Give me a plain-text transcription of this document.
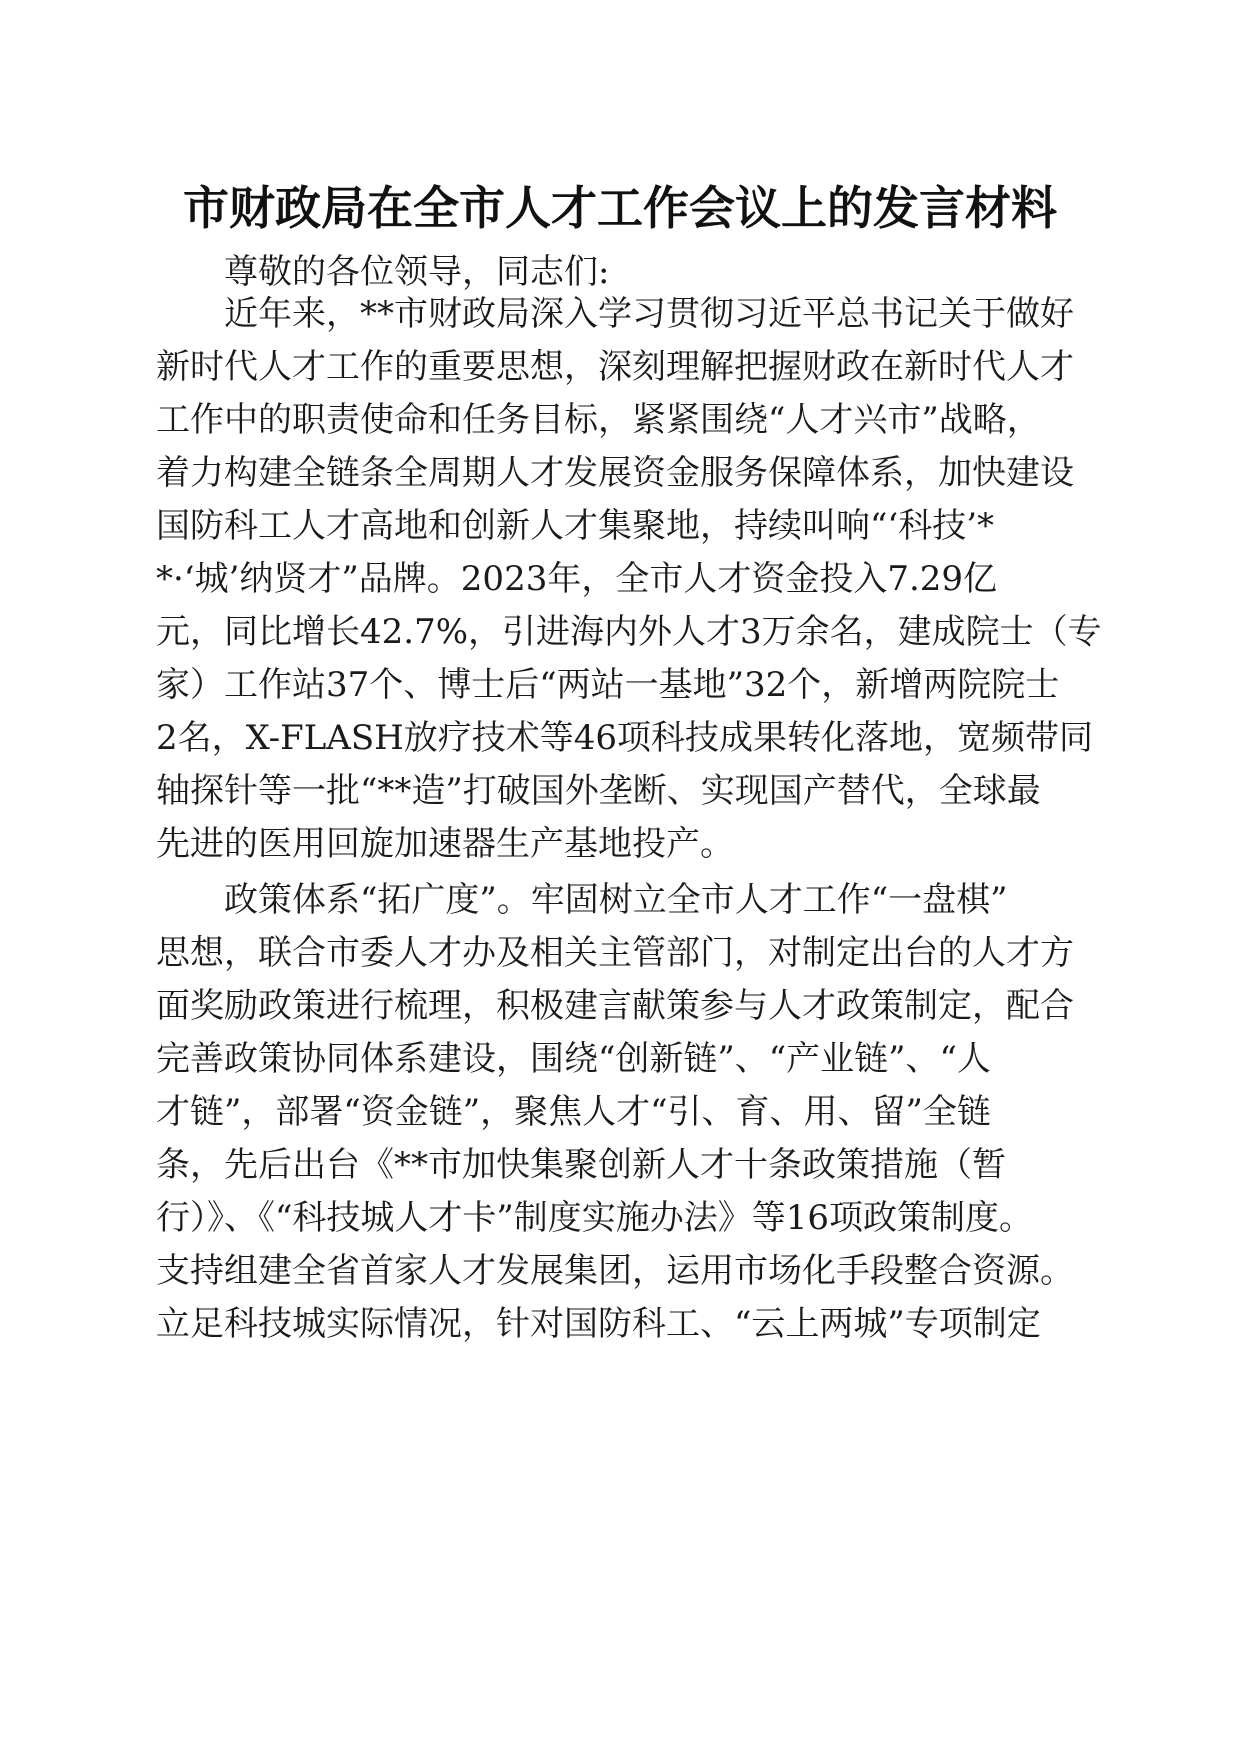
市财政局在全市人才工作会议上的发言材料
尊敬的各位领导，同志们:
近年来，**市财政局深入学习贯彻习近平总书记关于做好
新时代人才工作的重要思想，深刻理解把握财政在新时代人才
工作中的职责使命和任务目标，紧紧围绕“人才兴市”战略，
着力构建全链条全周期人才发展资金服务保障体系，加快建设
国防科工人才高地和创新人才集聚地，持续叫响“‘科技’*
*·‘城’纳贤才”品牌。2023年，全市人才资金投入7.29亿
元，同比增长42.7%，引进海内外人才3万余名，建成院士（专
家）工作站37个、博士后“两站一基地”32个，新增两院院士
2名，X-FLASH放疗技术等46项科技成果转化落地，宽频带同
轴探针等一批“**造”打破国外垄断、实现国产替代，全球最
先进的医用回旋加速器生产基地投产。
政策体系“拓广度”。牢固树立全市人才工作“一盘棋”
思想，联合市委人才办及相关主管部门，对制定出台的人才方
面奖励政策进行梳理，积极建言献策参与人才政策制定，配合
完善政策协同体系建设，围绕“创新链”、“产业链”、“人
才链”，部署“资金链”，聚焦人才“引、育、用、留”全链
条，先后出台《**市加快集聚创新人才十条政策措施（暂
行）》、《“科技城人才卡”制度实施办法》等16项政策制度。
支持组建全省首家人才发展集团，运用市场化手段整合资源。
立足科技城实际情况，针对国防科工、“云上两城”专项制定
